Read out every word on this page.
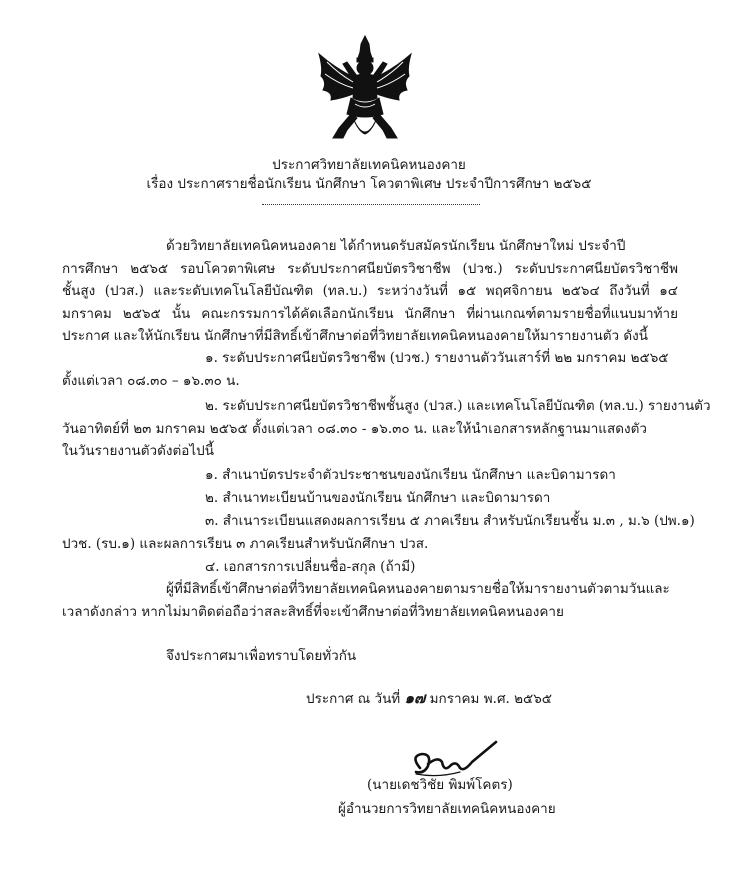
ประกาศวิทยาลัยเทคนิคหนองคาย
เรื่อง ประกาศรายชื่อนักเรียน นักศึกษา โควตาพิเศษ ประจำปีการศึกษา ๒๕๖๕
ด้วยวิทยาลัยเทคนิคหนองคาย ได้กำหนดรับสมัครนักเรียน นักศึกษาใหม่ ประจำปี
การศึกษา ๒๕๖๕ รอบโควตาพิเศษ ระดับประกาศนียบัตรวิชาชีพ (ปวช.) ระดับประกาศนียบัตรวิชาชีพ
ชั้นสูง (ปวส.) และระดับเทคโนโลยีบัณฑิต (ทล.บ.) ระหว่างวันที่ ๑๕ พฤศจิกายน ๒๕๖๔ ถึงวันที่ ๑๔
มกราคม ๒๕๖๕ นั้น คณะกรรมการได้คัดเลือกนักเรียน นักศึกษา ที่ผ่านเกณฑ์ตามรายชื่อที่แนบมาท้าย
ประกาศ และให้นักเรียน นักศึกษาที่มีสิทธิ์เข้าศึกษาต่อที่วิทยาลัยเทคนิคหนองคายให้มารายงานตัว ดังนี้
๑. ระดับประกาศนียบัตรวิชาชีพ (ปวช.) รายงานตัววันเสาร์ที่ ๒๒ มกราคม ๒๕๖๕
ตั้งแต่เวลา ๐๘.๓๐ – ๑๖.๓๐ น.
๒. ระดับประกาศนียบัตรวิชาชีพชั้นสูง (ปวส.) และเทคโนโลยีบัณฑิต (ทล.บ.) รายงานตัว
วันอาทิตย์ที่ ๒๓ มกราคม ๒๕๖๕ ตั้งแต่เวลา ๐๘.๓๐ - ๑๖.๓๐ น. และให้นำเอกสารหลักฐานมาแสดงตัว
ในวันรายงานตัวดังต่อไปนี้
๑. สำเนาบัตรประจำตัวประชาชนของนักเรียน นักศึกษา และบิดามารดา
๒. สำเนาทะเบียนบ้านของนักเรียน นักศึกษา และบิดามารดา
๓. สำเนาระเบียนแสดงผลการเรียน ๕ ภาคเรียน สำหรับนักเรียนชั้น ม.๓ , ม.๖ (ปพ.๑)
ปวช. (รบ.๑) และผลการเรียน ๓ ภาคเรียนสำหรับนักศึกษา ปวส.
๔. เอกสารการเปลี่ยนชื่อ-สกุล (ถ้ามี)
ผู้ที่มีสิทธิ์เข้าศึกษาต่อที่วิทยาลัยเทคนิคหนองคายตามรายชื่อให้มารายงานตัวตามวันและ
เวลาดังกล่าว หากไม่มาติดต่อถือว่าสละสิทธิ์ที่จะเข้าศึกษาต่อที่วิทยาลัยเทคนิคหนองคาย
จึงประกาศมาเพื่อทราบโดยทั่วกัน
ประกาศ ณ วันที่ ๑๗ มกราคม พ.ศ. ๒๕๖๕
(นายเดชวิชัย พิมพ์โคตร)
ผู้อำนวยการวิทยาลัยเทคนิคหนองคาย
